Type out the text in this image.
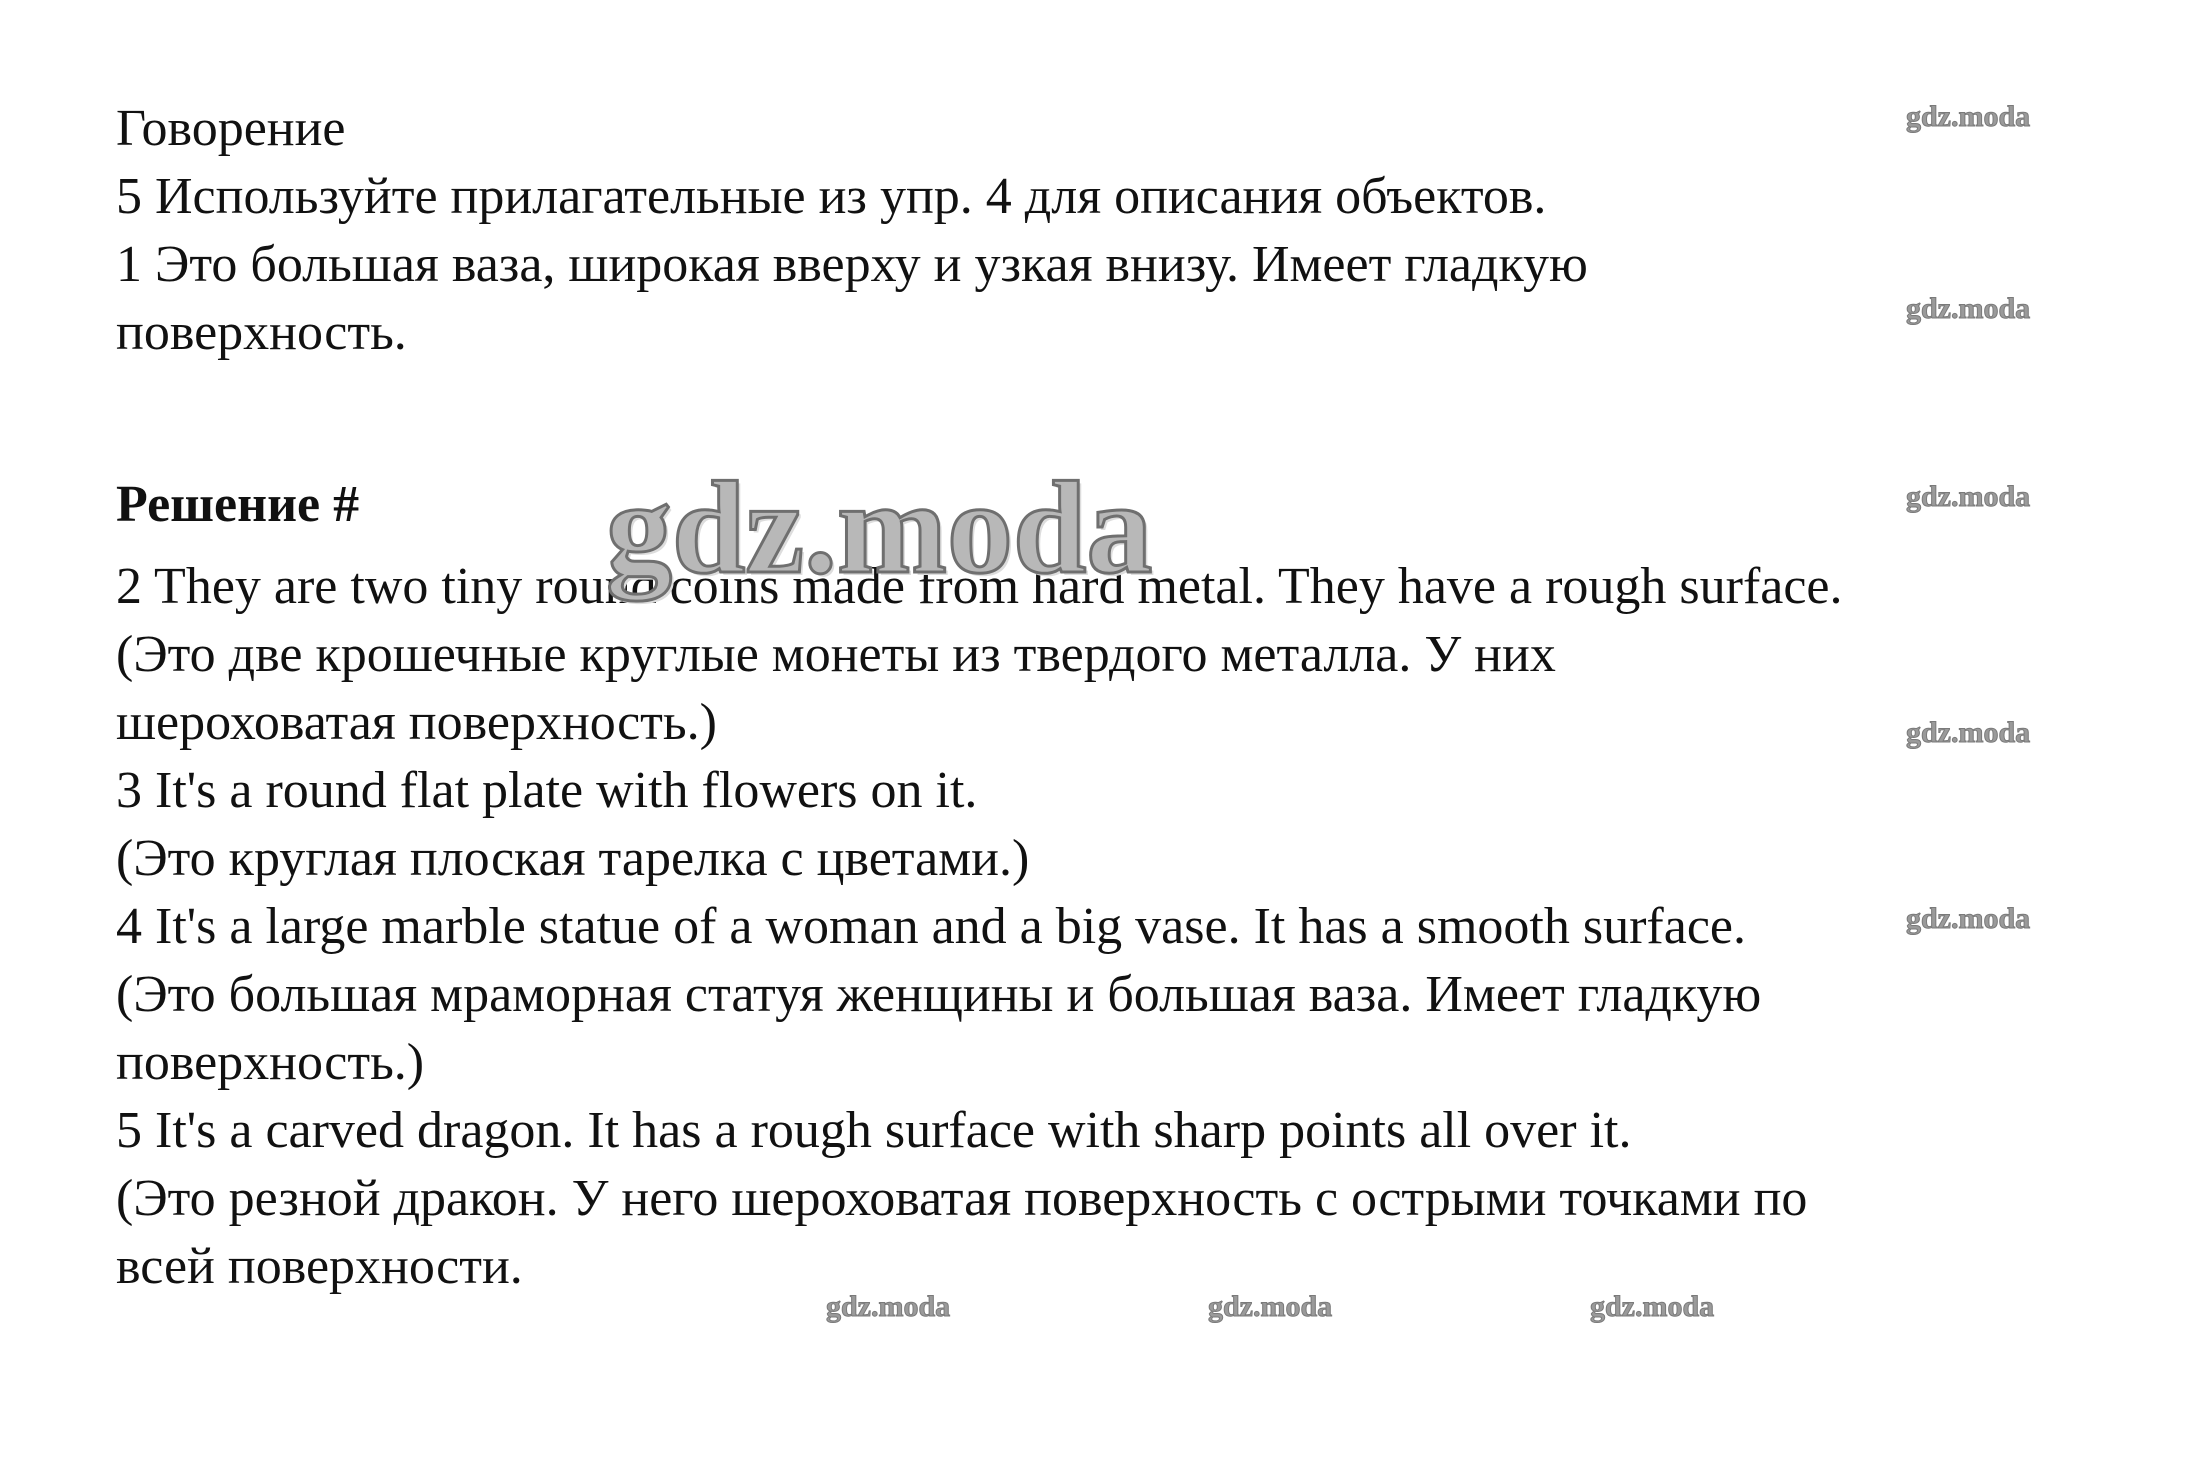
Говорение
5 Используйте прилагательные из упр. 4 для описания объектов.
1 Это большая ваза, широкая вверху и узкая внизу. Имеет гладкую
поверхность.
Решение #
2 They are two tiny round coins made from hard metal. They have a rough surface.
(Это две крошечные круглые монеты из твердого металла. У них
шероховатая поверхность.)
3 It's a round flat plate with flowers on it.
(Это круглая плоская тарелка с цветами.)
4 It's a large marble statue of a woman and a big vase. It has a smooth surface.
(Это большая мраморная статуя женщины и большая ваза. Имеет гладкую
поверхность.)
5 It's a carved dragon. It has a rough surface with sharp points all over it.
(Это резной дракон. У него шероховатая поверхность с острыми точками по
всей поверхности.
gdz.moda
gdz.moda
gdz.moda
gdz.moda
gdz.moda
gdz.moda
gdz.moda	gdz.moda	gdz.moda
